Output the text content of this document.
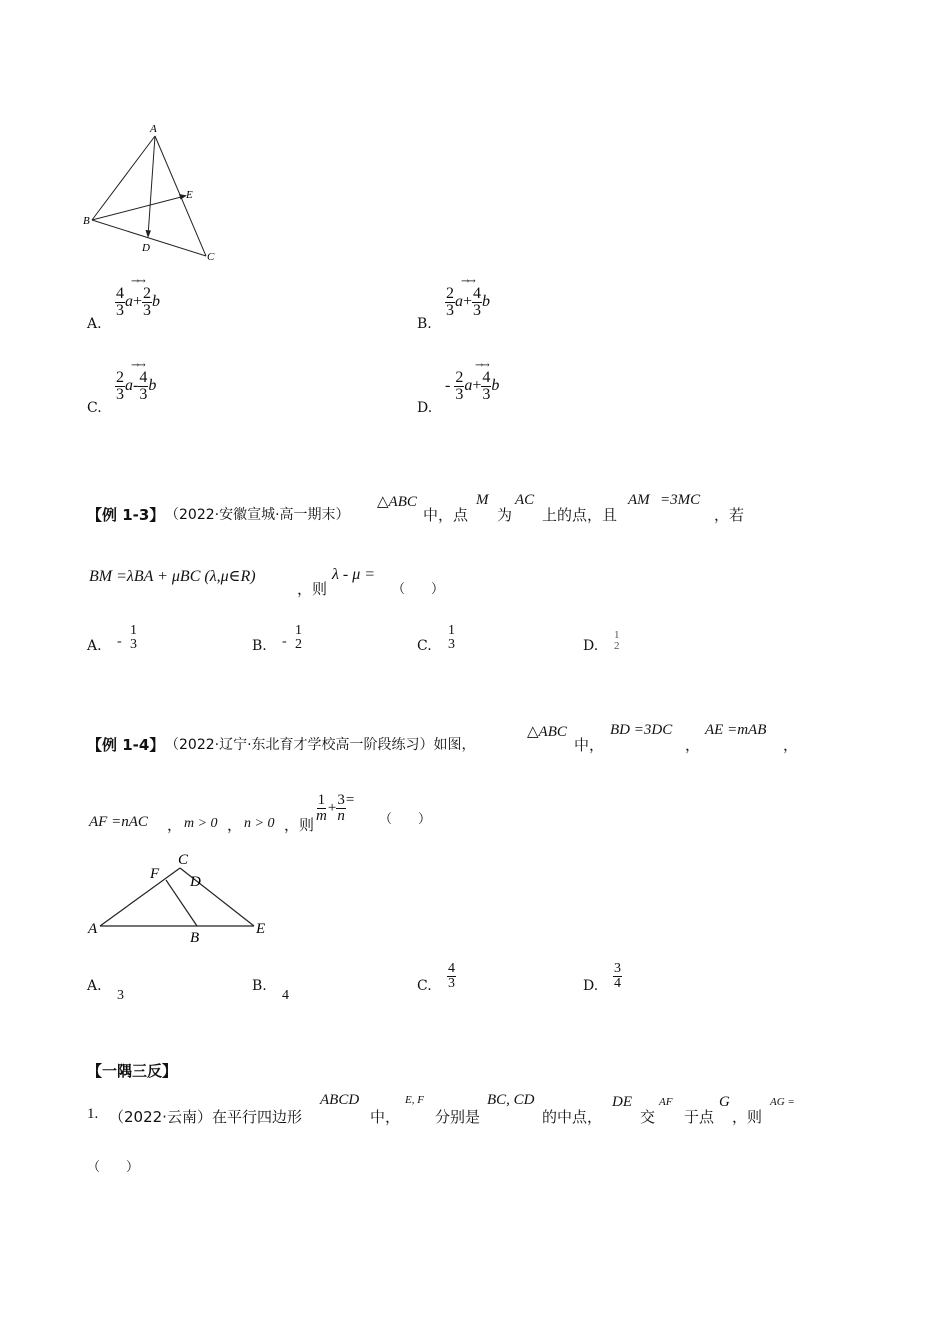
A
B
C
D
E
A.
$\frac{4}{3} a+ \frac{2}{3}$ b
→→
B.
$\frac{2}{3} a+ \frac{4}{3}$ b
→→
C.
$\frac{2}{3} a- \frac{4}{3}$ b
→→
D.
- $\frac{2}{3} a+ \frac{4}{3}$ b
→→
【例 1-3】 （2022·安徽宣城·高一期末）
△ABC
中，点
M
为
AC
上的点，且
AM =3MC
，若
BM =λBA + μBC (λ,μ∈R)
，则
λ - μ =
（　　）
A. -
1
3	B. -
1
2	C.
1
3	D.
1
2
【例 1-4】 （2022·辽宁·东北育才学校高一阶段练习）如图，
△ABC
中，
BD =3DC
，
AE =mAB
，
AF =nAC ， m > 0 ， n > 0 ，则
$\frac{1}{m} + \frac{3}{n}$ =
（　　）
A
B
C
D
E
F
A.
3
B.
4
C. $\frac{4}{3}$	D. $\frac{3}{4}$
【一隅三反】
1. （2022·云南）在平行四边形
ABCD
中，
E, F
分别是
BC, CD
的中点，
DE
交
AF
于点
G
，则
AG =
（　　）
